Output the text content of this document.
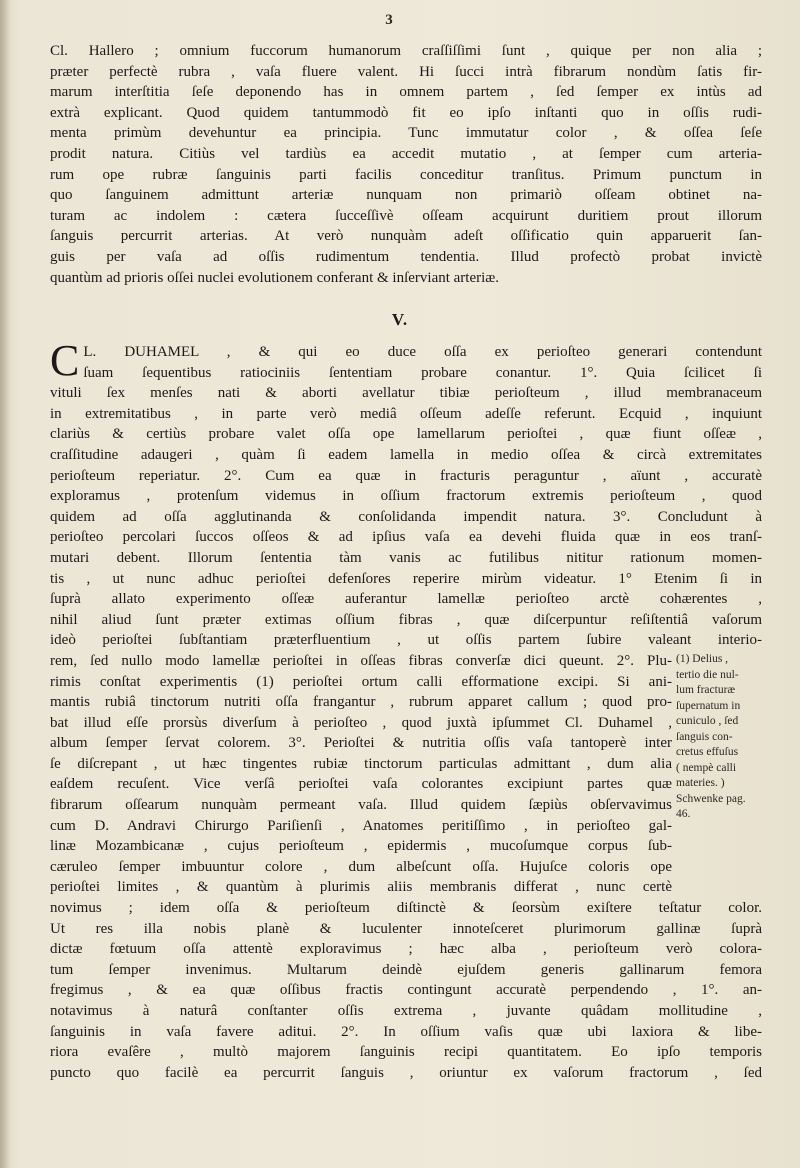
3
Cl. Hallero ; omnium fuccorum humanorum craſſiſſimi ſunt , quique per non alia ;
præter perfectè rubra , vaſa fluere valent. Hi ſucci intrà fibrarum nondùm ſatis fir-
marum interſtitia ſeſe deponendo has in omnem partem , ſed ſemper ex intùs ad
extrà explicant. Quod quidem tantummodò fit eo ipſo inſtanti quo in oſſis rudi-
menta primùm devehuntur ea principia. Tunc immutatur color , & oſſea ſeſe
prodit natura. Citiùs vel tardiùs ea accedit mutatio , at ſemper cum arteria-
rum ope rubræ ſanguinis parti facilis conceditur tranſitus. Primum punctum in
quo ſanguinem admittunt arteriæ nunquam non primariò oſſeam obtinet na-
turam ac indolem : cætera ſucceſſivè oſſeam acquirunt duritiem prout illorum
ſanguis percurrit arterias. At verò nunquàm adeſt oſſificatio quin apparuerit ſan-
guis per vaſa ad oſſis rudimentum tendentia. Illud profectò probat invictè
quantùm ad prioris oſſei nuclei evolutionem conferant & inſerviant arteriæ.
V.
C L. DUHAMEL , & qui eo duce oſſa ex perioſteo generari contendunt
ſuam ſequentibus ratiociniis ſententiam probare conantur. 1°. Quia ſcilicet ſi
vituli ſex menſes nati & aborti avellatur tibiæ perioſteum , illud membranaceum
in extremitatibus , in parte verò mediâ oſſeum adeſſe referunt. Ecquid , inquiunt
clariùs & certiùs probare valet oſſa ope lamellarum perioſtei , quæ fiunt oſſeæ ,
craſſitudine adaugeri , quàm ſi eadem lamella in medio oſſea & circà extremitates
perioſteum reperiatur. 2°. Cum ea quæ in fracturis peraguntur , aïunt , accuratè
exploramus , protenſum videmus in oſſium fractorum extremis perioſteum , quod
quidem ad oſſa agglutinanda & conſolidanda impendit natura. 3°. Concludunt à
perioſteo percolari ſuccos oſſeos & ad ipſius vaſa ea devehi fluida quæ in eos tranſ-
mutari debent. Illorum ſententia tàm vanis ac futilibus nititur rationum momen-
tis , ut nunc adhuc perioſtei defenſores reperire mirùm videatur. 1° Etenim ſi in
ſuprà allato experimento oſſeæ auferantur lamellæ perioſteo arctè cohærentes ,
nihil aliud ſunt præter extimas oſſium fibras , quæ diſcerpuntur reſiſtentiâ vaſorum
ideò perioſtei ſubſtantiam præterfluentium , ut oſſis partem ſubire valeant interio-
rem, ſed nullo modo lamellæ perioſtei in oſſeas fibras converſæ dici queunt. 2°. Plu-
rimis conſtat experimentis (1) perioſtei ortum calli efformatione excipi. Si ani-
mantis rubiâ tinctorum nutriti oſſa frangantur , rubrum apparet callum ; quod pro-
bat illud eſſe prorsùs diverſum à perioſteo , quod juxtà ipſummet Cl. Duhamel ,
album ſemper ſervat colorem. 3°. Perioſtei & nutritia oſſis vaſa tantoperè inter
ſe diſcrepant , ut hæc tingentes rubiæ tinctorum particulas admittant , dum alia
eaſdem recuſent. Vice verſâ perioſtei vaſa colorantes excipiunt partes quæ
fibrarum oſſearum nunquàm permeant vaſa. Illud quidem ſæpiùs obſervavimus
cum D. Andravi Chirurgo Pariſienſi , Anatomes peritiſſimo , in perioſteo gal-
linæ Mozambicanæ , cujus perioſteum , epidermis , mucoſumque corpus ſub-
cæruleo ſemper imbuuntur colore , dum albeſcunt oſſa. Hujuſce coloris ope
perioſtei limites , & quantùm à plurimis aliis membranis differat , nunc certè
novimus ; idem oſſa & perioſteum diſtinctè & ſeorsùm exiſtere teſtatur color.
Ut res illa nobis planè & luculenter innoteſceret plurimorum gallinæ ſuprà
dictæ fœtuum oſſa attentè exploravimus ; hæc alba , perioſteum verò colora-
tum ſemper invenimus. Multarum deindè ejuſdem generis gallinarum femora
fregimus , & ea quæ oſſibus fractis contingunt accuratè perpendendo , 1°. an-
notavimus à naturâ conſtanter oſſis extrema , juvante quâdam mollitudine ,
ſanguinis in vaſa favere aditui. 2°. In oſſium vaſis quæ ubi laxiora & libe-
riora evaſêre , multò majorem ſanguinis recipi quantitatem. Eo ipſo temporis
puncto quo facilè ea percurrit ſanguis , oriuntur ex vaſorum fractorum , ſed
(1) Delius ,
tertio die nul-
lum fracturæ
ſupernatum in
cuniculo , ſed
ſanguis con-
cretus effuſus
( nempè calli
materies. )
Schwenke pag.
46.
